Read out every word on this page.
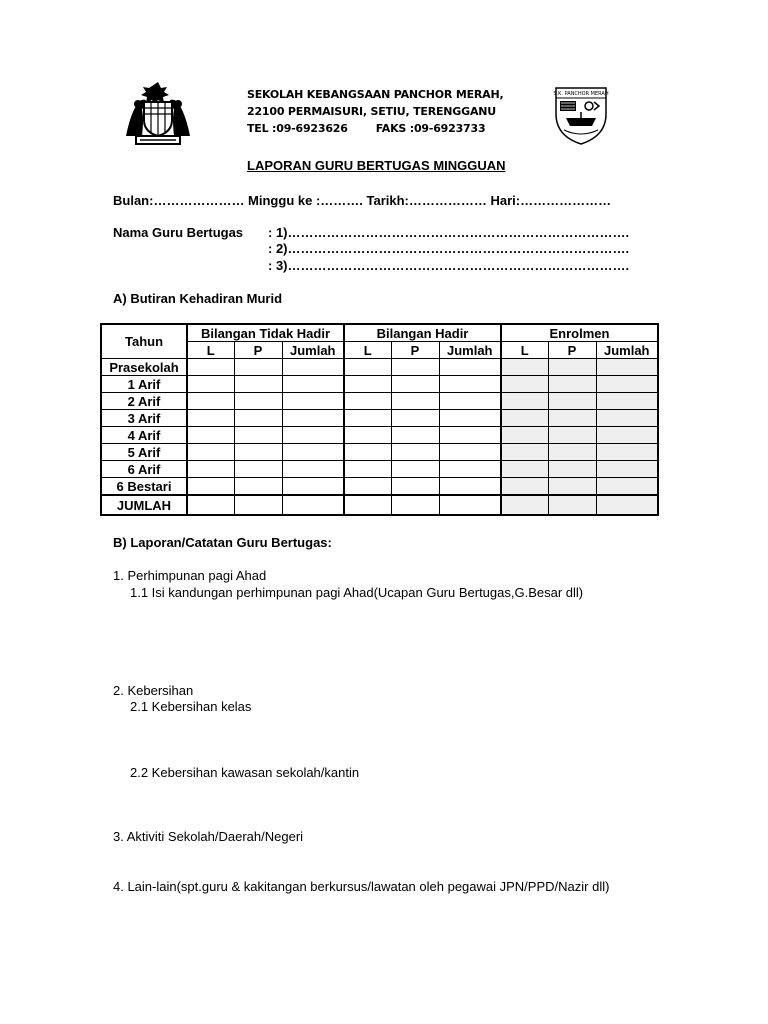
SEKOLAH KEBANGSAAN PANCHOR MERAH,
22100 PERMAISURI, SETIU, TERENGGANU
TEL :09-6923626	FAKS :09-6923733
S.K. PANCHOR MERAH
LAPORAN GURU BERTUGAS MINGGUAN
Bulan:………………… Minggu ke :………. Tarikh:……………… Hari:…………………
Nama Guru Bertugas : 1)…………………………………………………………………….
: 2)…………………………………………………………………….
: 3)…………………………………………………………………….
A) Butiran Kehadiran Murid
Tahun	Bilangan Tidak Hadir			Bilangan Hadir			Enrolmen		
	L	P	Jumlah	L	P	Jumlah	L	P	Jumlah
Prasekolah									
1 Arif									
2 Arif									
3 Arif									
4 Arif									
5 Arif									
6 Arif									
6 Bestari									
JUMLAH									
B) Laporan/Catatan Guru Bertugas:
1. Perhimpunan pagi Ahad
1.1 Isi kandungan perhimpunan pagi Ahad(Ucapan Guru Bertugas,G.Besar dll)
2. Kebersihan
2.1 Kebersihan kelas
2.2 Kebersihan kawasan sekolah/kantin
3. Aktiviti Sekolah/Daerah/Negeri
4. Lain-lain(spt.guru & kakitangan berkursus/lawatan oleh pegawai JPN/PPD/Nazir dll)
